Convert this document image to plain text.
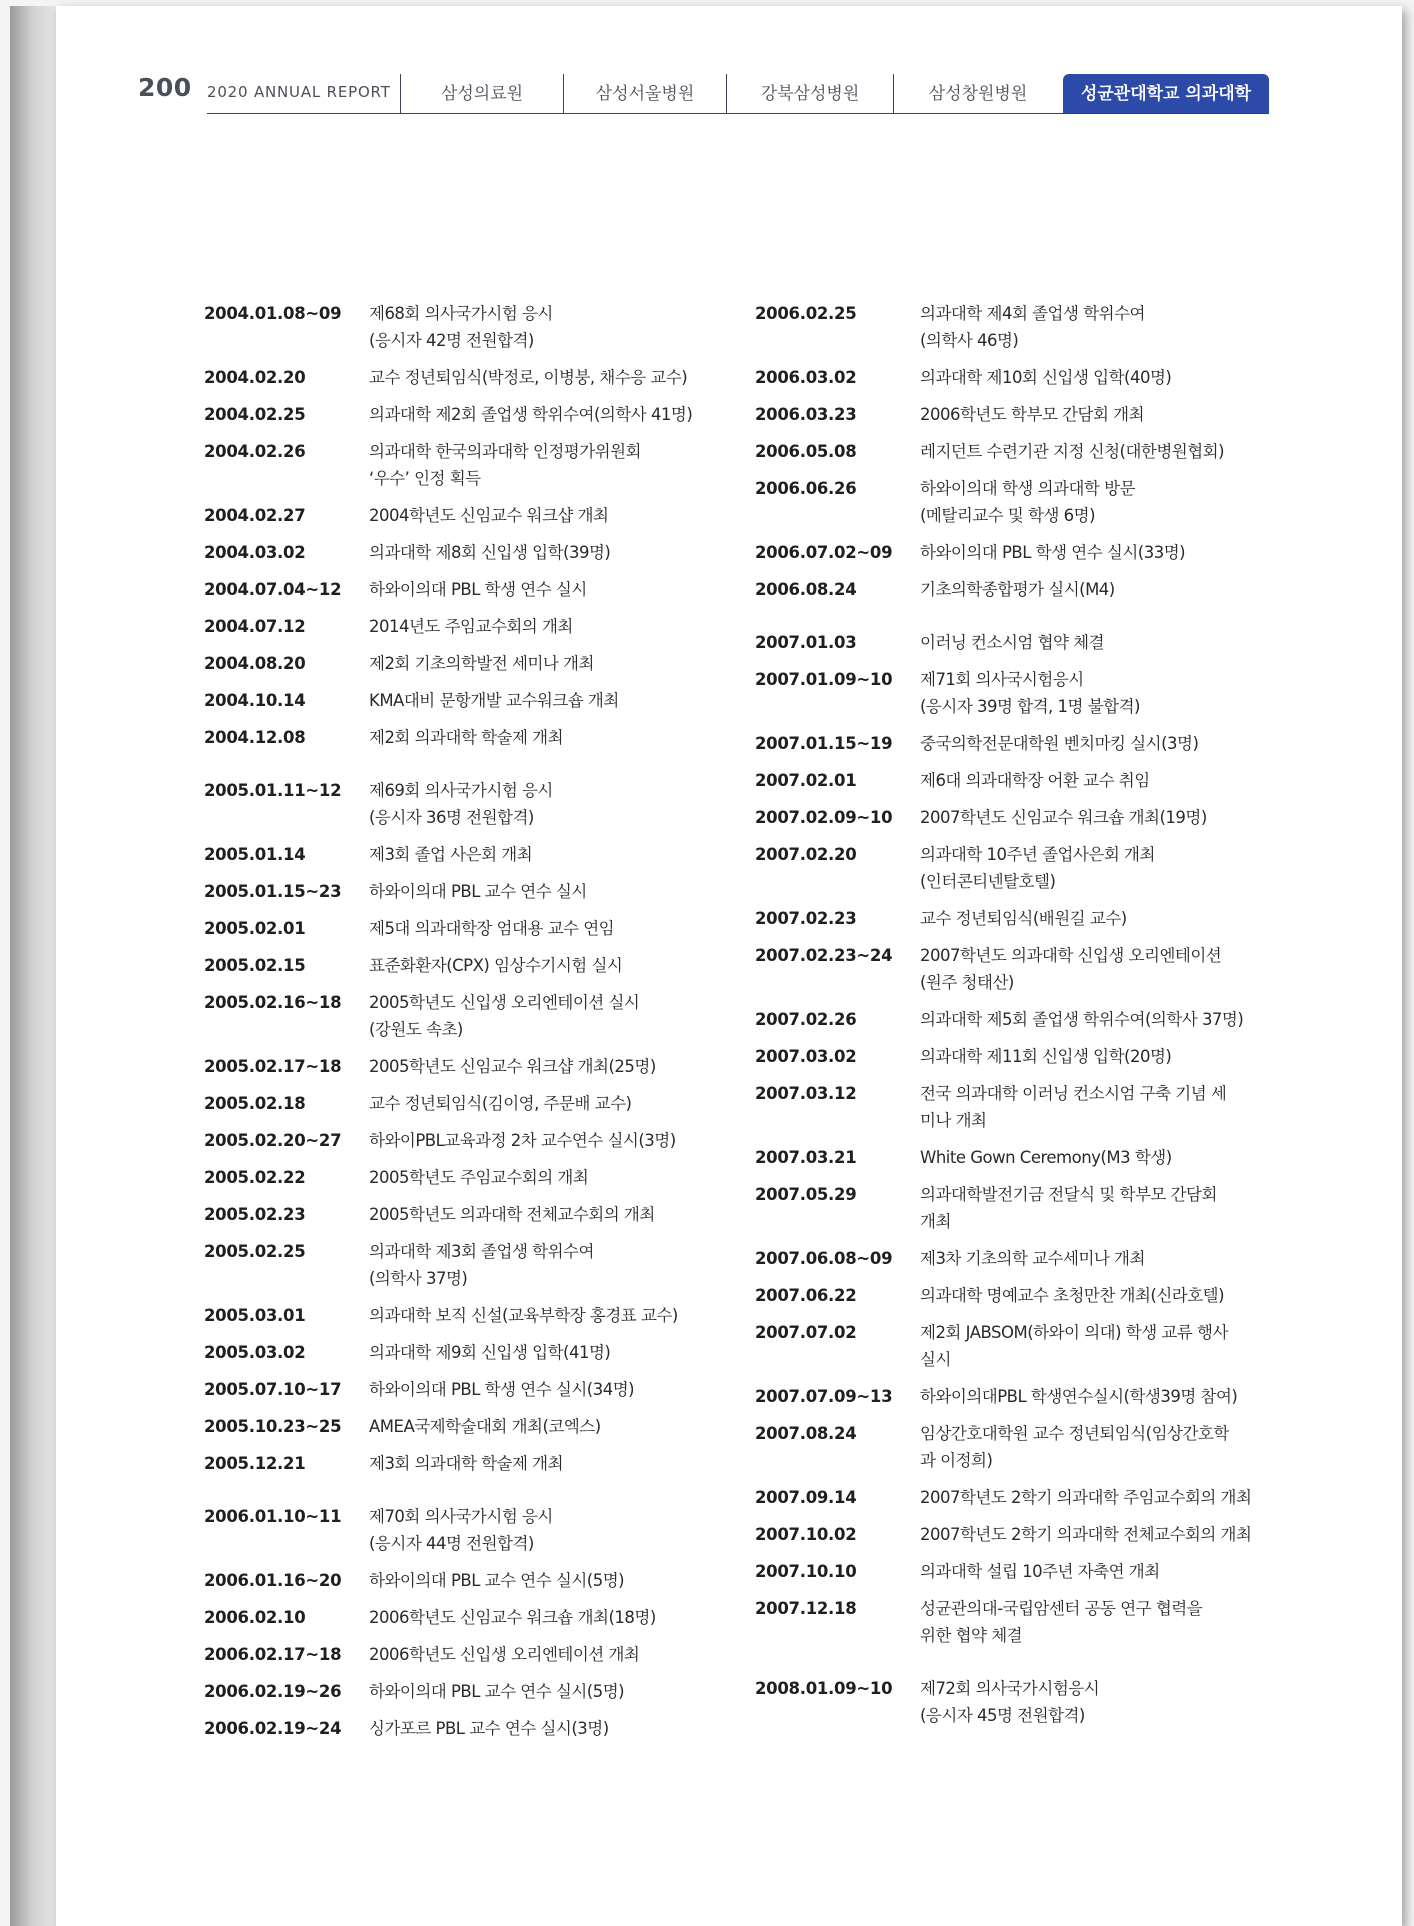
200 2020 ANNUAL REPORT	삼성의료원	삼성서울병원	강북삼성병원	삼성창원병원	성균관대학교 의과대학
2004.01.08~09	제68회 의사국가시험 응시
(응시자 42명 전원합격)
2004.02.20	교수 정년퇴임식(박정로, 이병붕, 채수응 교수)
2004.02.25	의과대학 제2회 졸업생 학위수여(의학사 41명)
2004.02.26	의과대학 한국의과대학 인정평가위원회
‘우수’ 인정 획득
2004.02.27	2004학년도 신임교수 워크샵 개최
2004.03.02	의과대학 제8회 신입생 입학(39명)
2004.07.04~12	하와이의대 PBL 학생 연수 실시
2004.07.12	2014년도 주임교수회의 개최
2004.08.20	제2회 기초의학발전 세미나 개최
2004.10.14	KMA대비 문항개발 교수워크숍 개최
2004.12.08	제2회 의과대학 학술제 개최
2005.01.11~12	제69회 의사국가시험 응시
(응시자 36명 전원합격)
2005.01.14	제3회 졸업 사은회 개최
2005.01.15~23	하와이의대 PBL 교수 연수 실시
2005.02.01	제5대 의과대학장 엄대용 교수 연임
2005.02.15	표준화환자(CPX) 임상수기시험 실시
2005.02.16~18	2005학년도 신입생 오리엔테이션 실시
(강원도 속초)
2005.02.17~18	2005학년도 신임교수 워크샵 개최(25명)
2005.02.18	교수 정년퇴임식(김이영, 주문배 교수)
2005.02.20~27	하와이PBL교육과정 2차 교수연수 실시(3명)
2005.02.22	2005학년도 주임교수회의 개최
2005.02.23	2005학년도 의과대학 전체교수회의 개최
2005.02.25	의과대학 제3회 졸업생 학위수여
(의학사 37명)
2005.03.01	의과대학 보직 신설(교육부학장 홍경표 교수)
2005.03.02	의과대학 제9회 신입생 입학(41명)
2005.07.10~17	하와이의대 PBL 학생 연수 실시(34명)
2005.10.23~25	AMEA국제학술대회 개최(코엑스)
2005.12.21	제3회 의과대학 학술제 개최
2006.01.10~11	제70회 의사국가시험 응시
(응시자 44명 전원합격)
2006.01.16~20	하와이의대 PBL 교수 연수 실시(5명)
2006.02.10	2006학년도 신임교수 워크숍 개최(18명)
2006.02.17~18	2006학년도 신입생 오리엔테이션 개최
2006.02.19~26	하와이의대 PBL 교수 연수 실시(5명)
2006.02.19~24	싱가포르 PBL 교수 연수 실시(3명)
2006.02.25	의과대학 제4회 졸업생 학위수여
(의학사 46명)
2006.03.02	의과대학 제10회 신입생 입학(40명)
2006.03.23	2006학년도 학부모 간담회 개최
2006.05.08	레지던트 수련기관 지정 신청(대한병원협회)
2006.06.26	하와이의대 학생 의과대학 방문
(메탈리교수 및 학생 6명)
2006.07.02~09	하와이의대 PBL 학생 연수 실시(33명)
2006.08.24	기초의학종합평가 실시(M4)
2007.01.03	이러닝 컨소시엄 협약 체결
2007.01.09~10	제71회 의사국시험응시
(응시자 39명 합격, 1명 불합격)
2007.01.15~19	중국의학전문대학원 벤치마킹 실시(3명)
2007.02.01	제6대 의과대학장 어환 교수 취임
2007.02.09~10	2007학년도 신임교수 워크숍 개최(19명)
2007.02.20	의과대학 10주년 졸업사은회 개최
(인터콘티넨탈호텔)
2007.02.23	교수 정년퇴임식(배원길 교수)
2007.02.23~24	2007학년도 의과대학 신입생 오리엔테이션
(원주 청태산)
2007.02.26	의과대학 제5회 졸업생 학위수여(의학사 37명)
2007.03.02	의과대학 제11회 신입생 입학(20명)
2007.03.12	전국 의과대학 이러닝 컨소시엄 구축 기념 세
미나 개최
2007.03.21	White Gown Ceremony(M3 학생)
2007.05.29	의과대학발전기금 전달식 및 학부모 간담회
개최
2007.06.08~09	제3차 기초의학 교수세미나 개최
2007.06.22	의과대학 명예교수 초청만찬 개최(신라호텔)
2007.07.02	제2회 JABSOM(하와이 의대) 학생 교류 행사
실시
2007.07.09~13	하와이의대PBL 학생연수실시(학생39명 참여)
2007.08.24	임상간호대학원 교수 정년퇴임식(임상간호학
과 이정희)
2007.09.14	2007학년도 2학기 의과대학 주임교수회의 개최
2007.10.02	2007학년도 2학기 의과대학 전체교수회의 개최
2007.10.10	의과대학 설립 10주년 자축연 개최
2007.12.18	성균관의대-국립암센터 공동 연구 협력을
위한 협약 체결
2008.01.09~10	제72회 의사국가시험응시
(응시자 45명 전원합격)
